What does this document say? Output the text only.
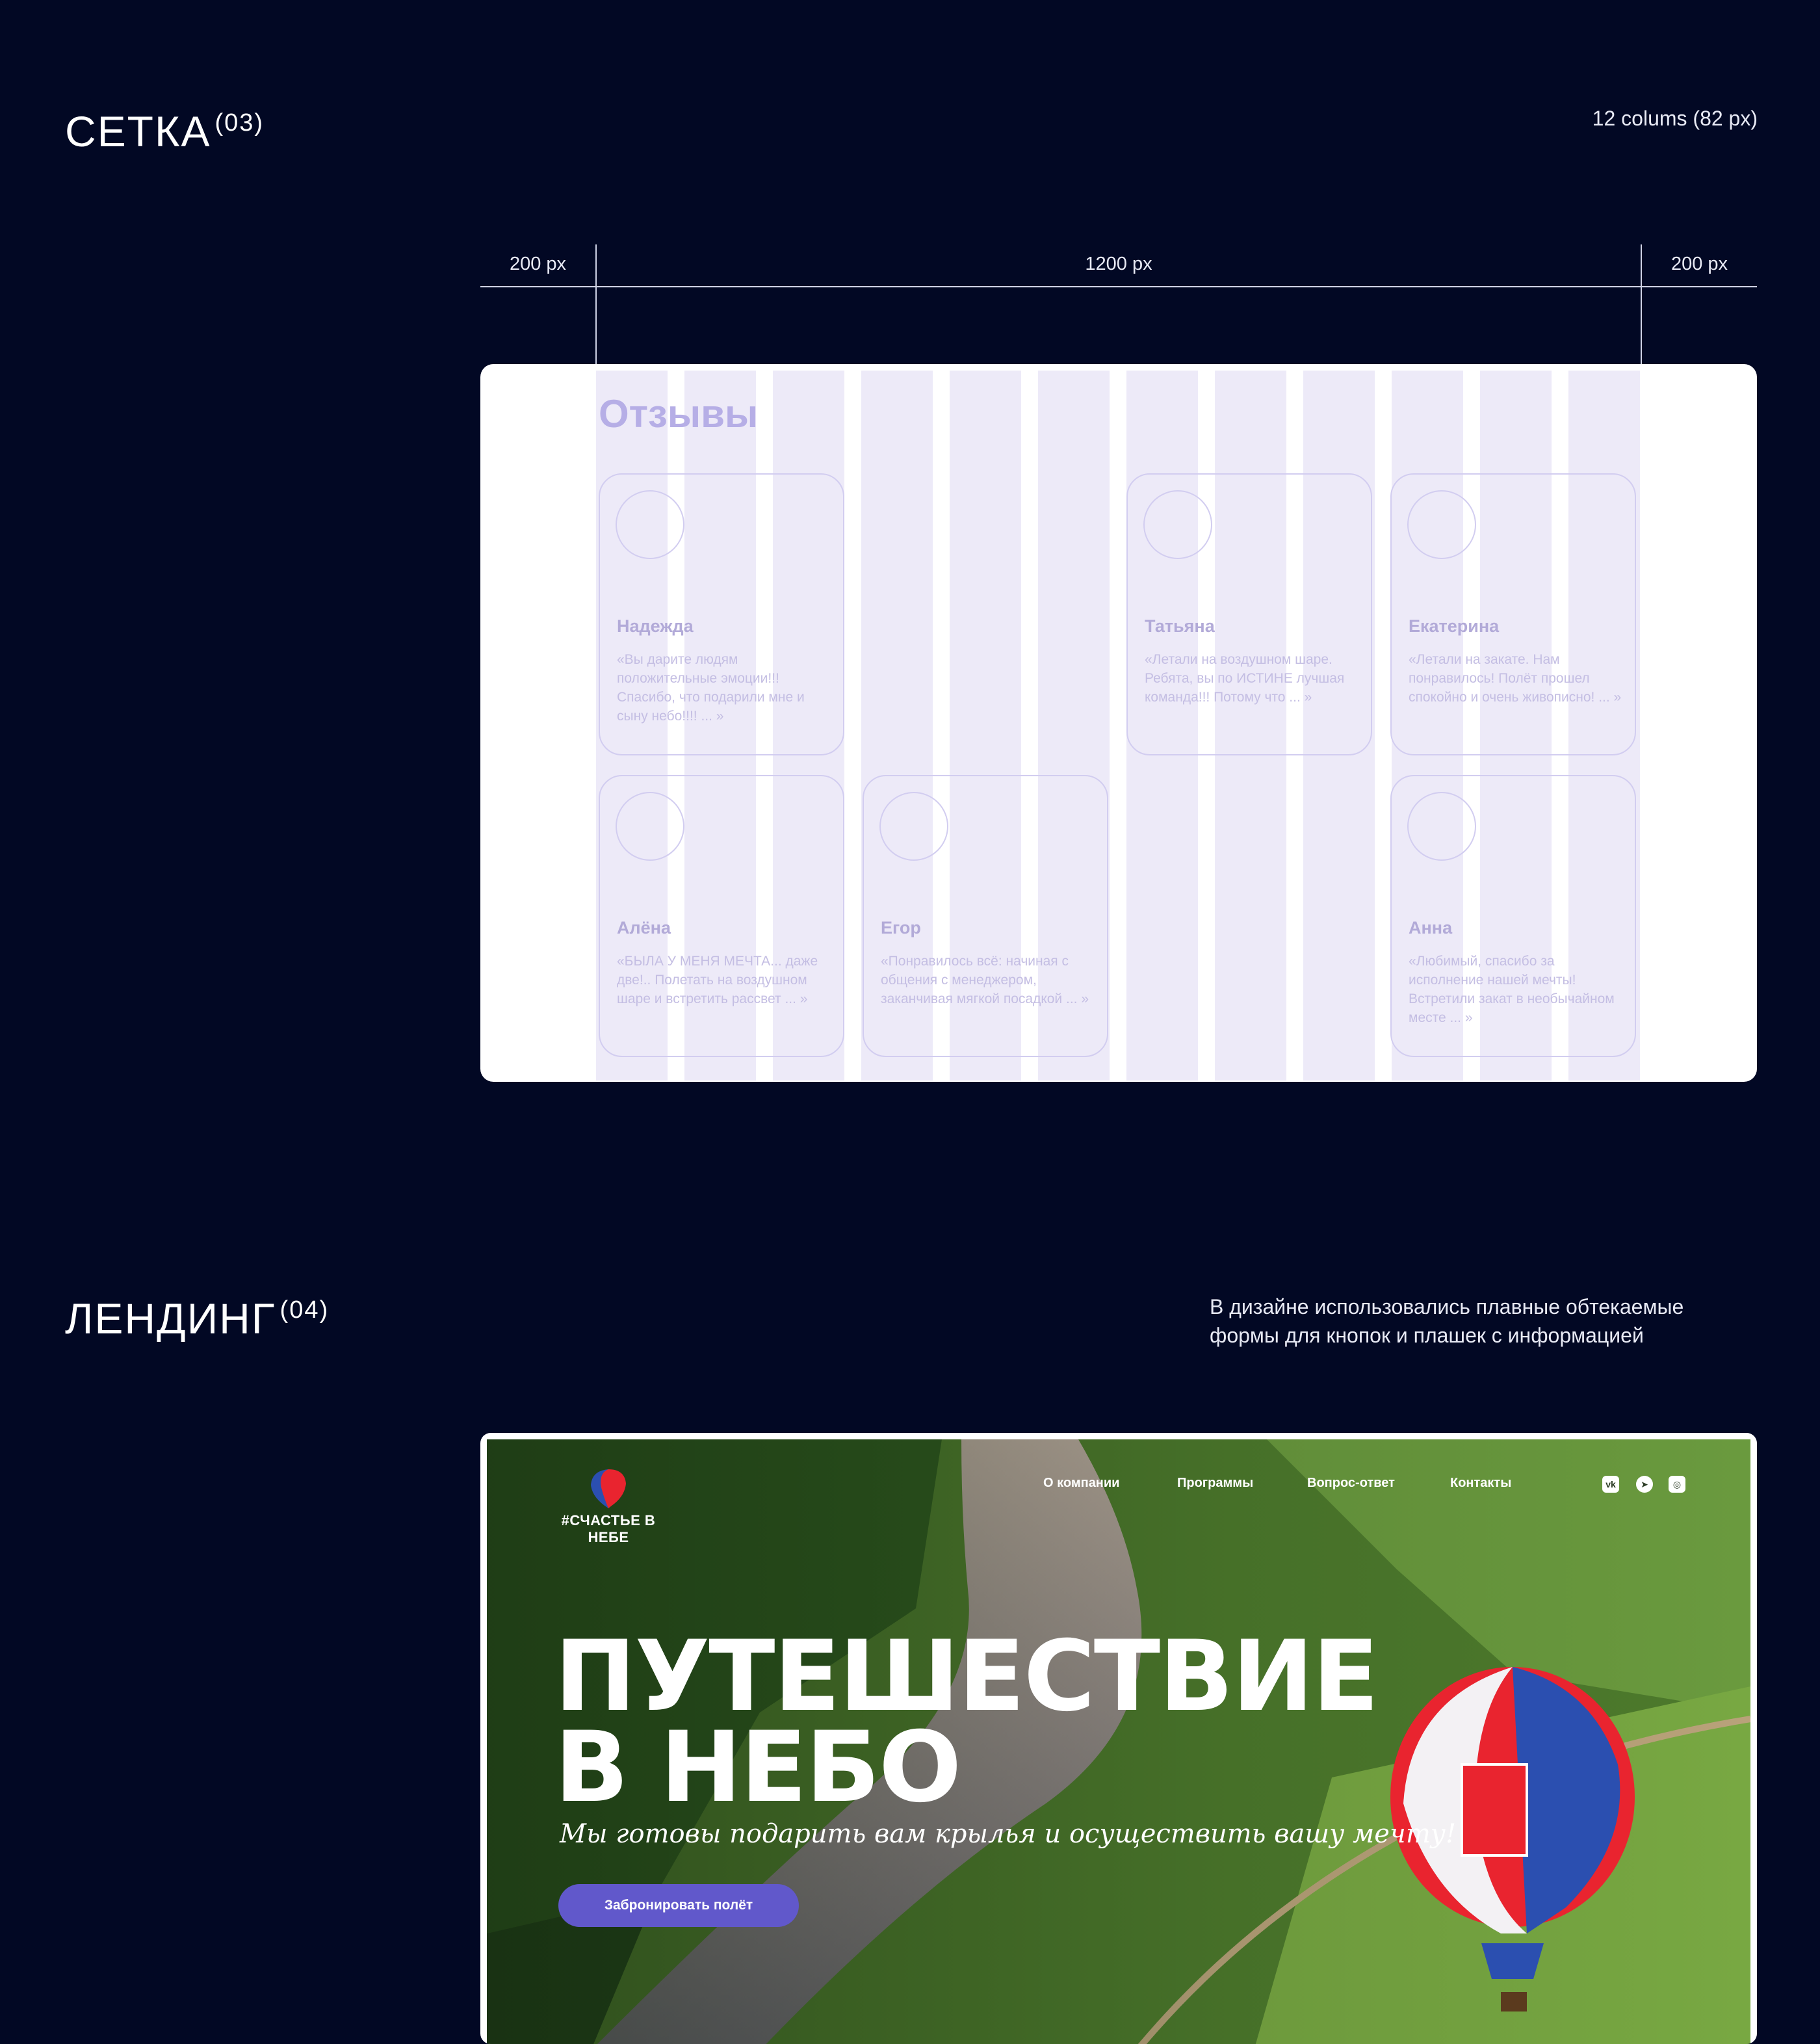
СЕТКА $^{(03)}$	12 colums (82 px)
200 px	1200 px	200 px
Отзывы
Надежда
«Вы дарите людям положительные эмоции!!! Спасибо, что подарили мне и сыну небо!!!! ... »
Татьяна
«Летали на воздушном шаре. Ребята, вы по ИСТИНЕ лучшая команда!!! Потому что ... »
Екатерина
«Летали на закате. Нам понравилось! Полёт прошел спокойно и очень живописно! ... »
Алёна
«БЫЛА У МЕНЯ МЕЧТА... даже две!.. Полетать на воздушном шаре и встретить рассвет ... »
Егор
«Понравилось всё: начиная с общения с менеджером, заканчивая мягкой посадкой ... »
Анна
«Любимый, спасибо за исполнение нашей мечты! Встретили закат в необычайном месте ... »
ЛЕНДИНГ $^{(04)}$	В дизайне использовались плавные обтекаемые
формы для кнопок и плашек с информацией
#СЧАСТЬЕ В НЕБЕ
О компании	Программы	Вопрос-ответ	Контакты	vk	➤	◎
ПУТЕШЕСТВИЕ
В НЕБО
Мы готовы подарить вам крылья и осуществить вашу мечту!
Забронировать полёт
